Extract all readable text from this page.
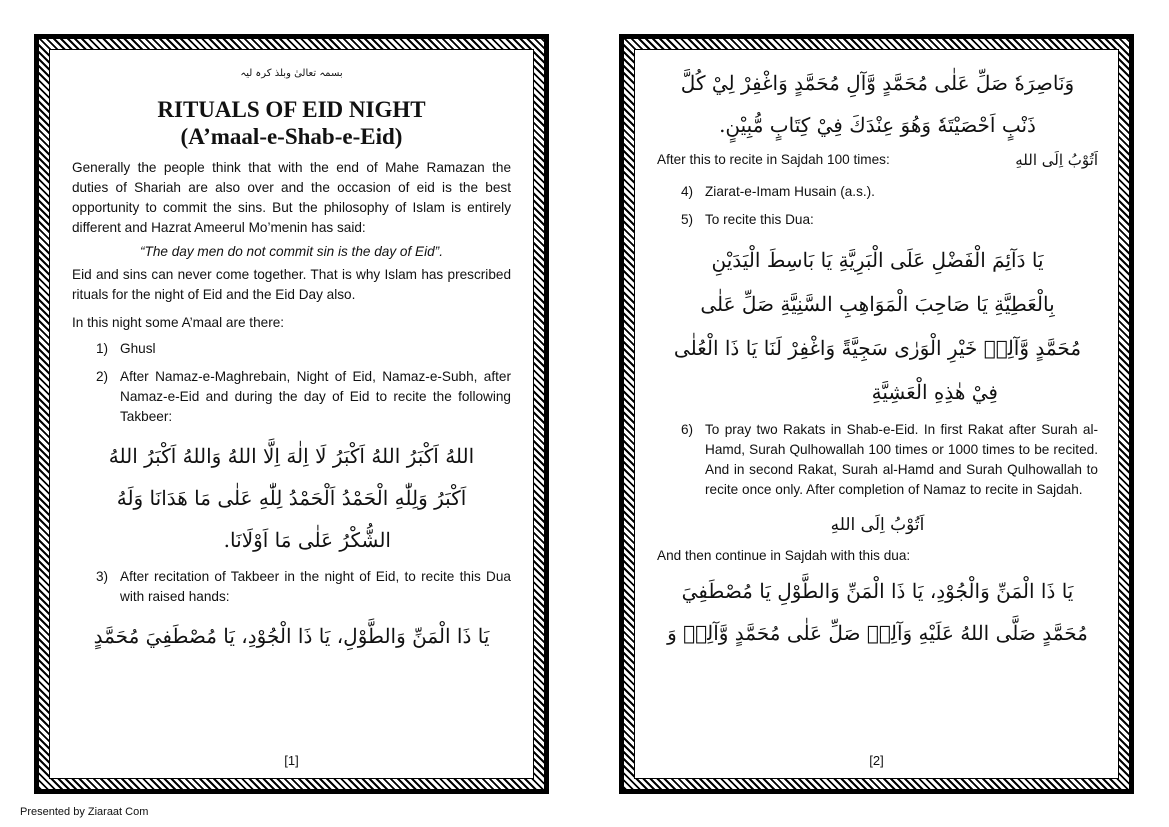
بسمہ تعالیٰ وبلذ کرہ لیہ
RITUALS OF EID NIGHT
(A’maal-e-Shab-e-Eid)
Generally the people think that with the end of Mahe Ramazan the duties of Shariah are also over and the occasion of eid is the best opportunity to commit the sins. But the philosophy of Islam is entirely different and Hazrat Ameerul Mo’menin has said:
“The day men do not commit sin is the day of Eid”.
Eid and sins can never come together. That is why Islam has prescribed rituals for the night of Eid and the Eid Day also.
In this night some A’maal are there:
1) Ghusl
2) After Namaz-e-Maghrebain, Night of Eid, Namaz-e-Subh, after Namaz-e-Eid and during the day of Eid to recite the following Takbeer:
اللهُ اَكْبَرُ اللهُ اَكْبَرُ لَا اِلٰهَ اِلَّا اللهُ وَاللهُ اَكْبَرُ اللهُ
اَكْبَرُ وَلِلّٰهِ الْحَمْدُ اَلْحَمْدُ لِلّٰهِ عَلٰى مَا هَدَانَا وَلَهُ
الشُّكْرُ عَلٰى مَا اَوْلَانَا.
3) After recitation of Takbeer in the night of Eid, to recite this Dua with raised hands:
يَا ذَا الْمَنِّ وَالطَّوْلِ، يَا ذَا الْجُوْدِ، يَا مُصْطَفِيَ مُحَمَّدٍ
[1]
وَنَاصِرَهٗ صَلِّ عَلٰى مُحَمَّدٍ وَّآلِ مُحَمَّدٍ وَاغْفِرْ لِيْ كُلَّ
ذَنْبٍ اَحْصَيْتَهٗ وَهُوَ عِنْدَكَ فِيْ كِتَابٍ مُّبِيْنٍ.
After this to recite in Sajdah 100 times:	اَتُوْبُ اِلَى اللهِ
4) Ziarat-e-Imam Husain (a.s.).
5) To recite this Dua:
يَا دَآئِمَ الْفَضْلِ عَلَى الْبَرِيَّةِ يَا بَاسِطَ الْيَدَيْنِ
بِالْعَطِيَّةِ يَا صَاحِبَ الْمَوَاهِبِ السَّنِيَّةِ صَلِّ عَلٰى
مُحَمَّدٍ وَّآلِهٖ خَيْرِ الْوَرٰى سَجِيَّةً وَاغْفِرْ لَنَا يَا ذَا الْعُلٰى
فِيْ هٰذِهِ الْعَشِيَّةِ
6) To pray two Rakats in Shab-e-Eid. In first Rakat after Surah al-Hamd, Surah Qulhowallah 100 times or 1000 times to be recited. And in second Rakat, Surah al-Hamd and Surah Qulhowallah to recite once only. After completion of Namaz to recite in Sajdah.
اَتُوْبُ اِلَى اللهِ
And then continue in Sajdah with this dua:
يَا ذَا الْمَنِّ وَالْجُوْدِ، يَا ذَا الْمَنِّ وَالطَّوْلِ يَا مُصْطَفِيَ
مُحَمَّدٍ صَلَّى اللهُ عَلَيْهِ وَآلِهٖ صَلِّ عَلٰى مُحَمَّدٍ وَّآلِهٖ وَ
[2]
Presented by Ziaraat Com
